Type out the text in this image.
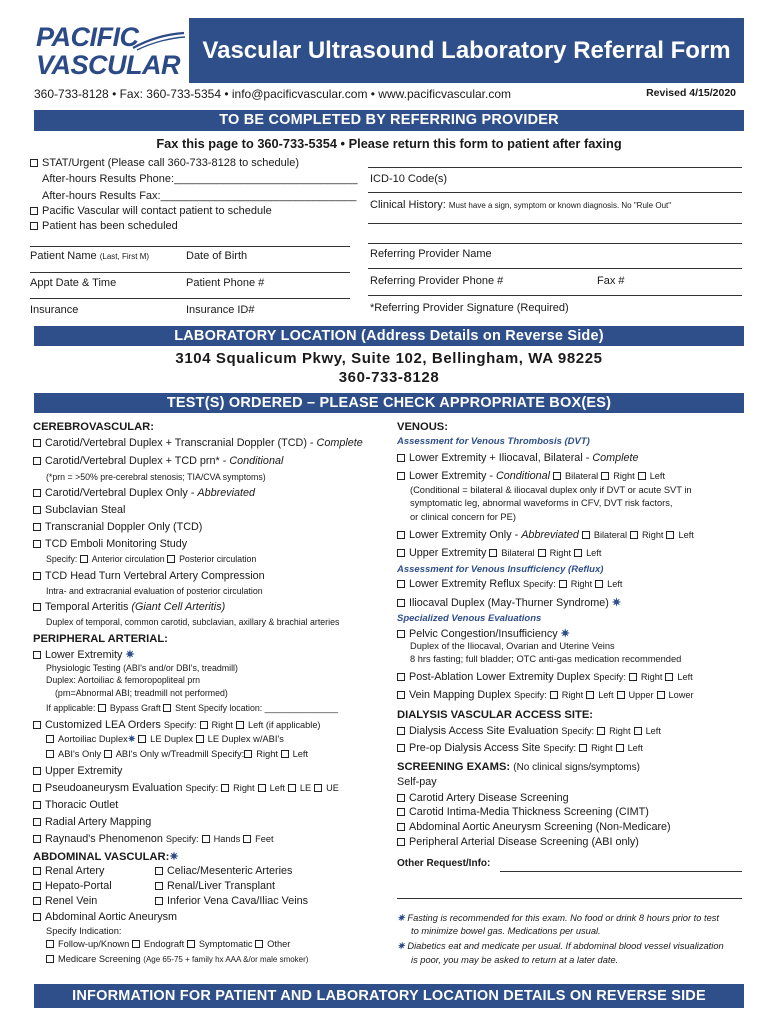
PACIFIC
VASCULAR Vascular Ultrasound Laboratory Referral Form
360-733-8128 • Fax: 360-733-5354 • info@pacificvascular.com • www.pacificvascular.com	Revised 4/15/2020
TO BE COMPLETED BY REFERRING PROVIDER
Fax this page to 360-733-5354 • Please return this form to patient after faxing
STAT/Urgent (Please call 360-733-8128 to schedule)
After-hours Results Phone:______________________________
After-hours Results Fax:________________________________
Pacific Vascular will contact patient to schedule
Patient has been scheduled
ICD-10 Code(s)
Clinical History: Must have a sign, symptom or known diagnosis. No "Rule Out"
Patient Name (Last, First M)	Date of Birth	Referring Provider Name
Appt Date & Time	Patient Phone #	Referring Provider Phone #	Fax #
Insurance	Insurance ID#	*Referring Provider Signature (Required)
LABORATORY LOCATION (Address Details on Reverse Side)
3104 Squalicum Pkwy, Suite 102, Bellingham, WA 98225
360-733-8128
TEST(S) ORDERED – PLEASE CHECK APPROPRIATE BOX(ES)
CEREBROVASCULAR:
Carotid/Vertebral Duplex + Transcranial Doppler (TCD) - Complete
Carotid/Vertebral Duplex + TCD prn* - Conditional
(*prn = >50% pre-cerebral stenosis; TIA/CVA symptoms)
Carotid/Vertebral Duplex Only - Abbreviated
Subclavian Steal
Transcranial Doppler Only (TCD)
TCD Emboli Monitoring Study
Specify: Anterior circulation Posterior circulation
TCD Head Turn Vertebral Artery Compression
Intra- and extracranial evaluation of posterior circulation
Temporal Arteritis (Giant Cell Arteritis)
Duplex of temporal, common carotid, subclavian, axillary & brachial arteries
PERIPHERAL ARTERIAL:
Lower Extremity ✷
Physiologic Testing (ABI's and/or DBI's, treadmill)
Duplex: Aortoiliac & femoropopliteal prn
(prn=Abnormal ABI; treadmill not performed)
If applicable: Bypass Graft Stent Specify location: _______________
Customized LEA Orders Specify: Right Left (if applicable)
Aortoiliac Duplex✷ LE Duplex LE Duplex w/ABI's
ABI's Only ABI's Only w/Treadmill Specify: Right Left
Upper Extremity
Pseudoaneurysm Evaluation Specify: Right Left LE UE
Thoracic Outlet
Radial Artery Mapping
Raynaud's Phenomenon Specify: Hands Feet
ABDOMINAL VASCULAR:✷
Renal Artery	Celiac/Mesenteric Arteries
Hepato-Portal	Renal/Liver Transplant
Renel Vein	Inferior Vena Cava/Iliac Veins
Abdominal Aortic Aneurysm
Specify Indication:
Follow-up/Known Endograft Symptomatic Other
Medicare Screening (Age 65-75 + family hx AAA &/or male smoker)
VENOUS:
Assessment for Venous Thrombosis (DVT)
Lower Extremity + Iliocaval, Bilateral - Complete
Lower Extremity - Conditional Bilateral Right Left
(Conditional = bilateral & iliocaval duplex only if DVT or acute SVT in
symptomatic leg, abnormal waveforms in CFV, DVT risk factors,
or clinical concern for PE)
Lower Extremity Only - Abbreviated Bilateral Right Left
Upper Extremity Bilateral Right Left
Assessment for Venous Insufficiency (Reflux)
Lower Extremity Reflux Specify: Right Left
Iliocaval Duplex (May-Thurner Syndrome) ✷
Specialized Venous Evaluations
Pelvic Congestion/Insufficiency ✷
Duplex of the Iliocaval, Ovarian and Uterine Veins
8 hrs fasting; full bladder; OTC anti-gas medication recommended
Post-Ablation Lower Extremity Duplex Specify: Right Left
Vein Mapping Duplex Specify: Right Left Upper Lower
DIALYSIS VASCULAR ACCESS SITE:
Dialysis Access Site Evaluation Specify: Right Left
Pre-op Dialysis Access Site Specify: Right Left
SCREENING EXAMS: (No clinical signs/symptoms)
Self-pay
Carotid Artery Disease Screening
Carotid Intima-Media Thickness Screening (CIMT)
Abdominal Aortic Aneurysm Screening (Non-Medicare)
Peripheral Arterial Disease Screening (ABI only)
Other Request/Info:
✷ Fasting is recommended for this exam. No food or drink 8 hours prior to test
to minimize bowel gas. Medications per usual.
✷ Diabetics eat and medicate per usual. If abdominal blood vessel visualization
is poor, you may be asked to return at a later date.
INFORMATION FOR PATIENT AND LABORATORY LOCATION DETAILS ON REVERSE SIDE
